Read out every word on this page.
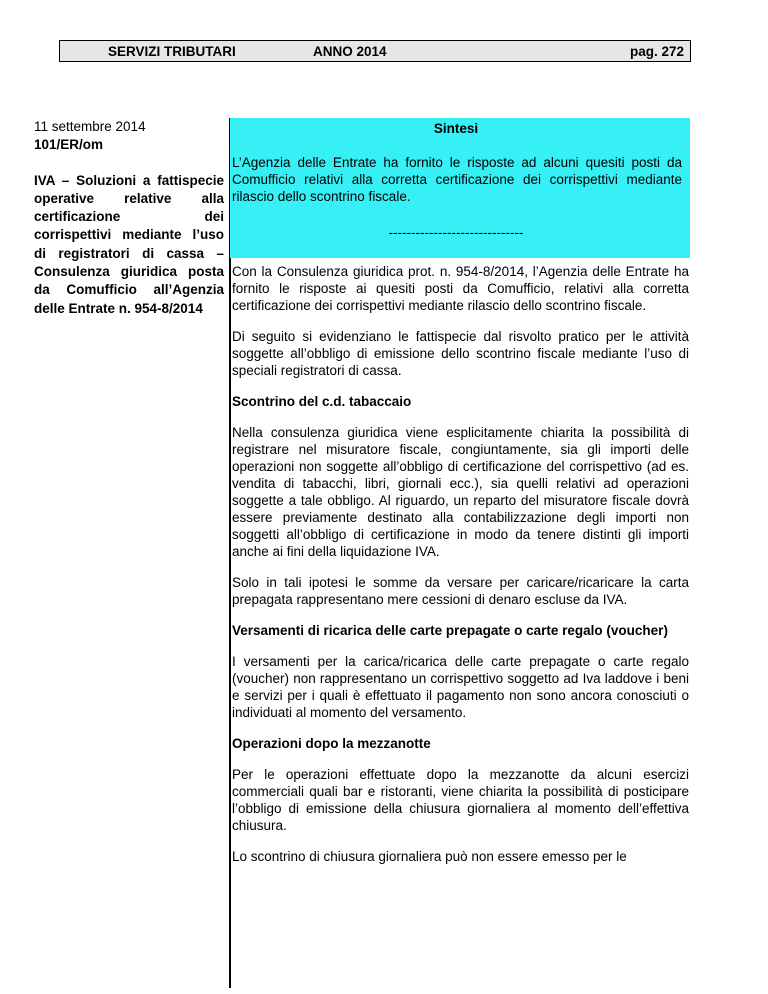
SERVIZI TRIBUTARI	ANNO 2014	pag. 272
11 settembre 2014
101/ER/om
IVA – Soluzioni a fattispecie operative relative alla certificazione dei corrispettivi mediante l’uso di registratori di cassa – Consulenza giuridica posta da Comufficio all’Agenzia delle Entrate n. 954-8/2014
Sintesi
L’Agenzia delle Entrate ha fornito le risposte ad alcuni quesiti posti da Comufficio relativi alla corretta certificazione dei corrispettivi mediante rilascio dello scontrino fiscale.
------------------------------

Con la Consulenza giuridica prot. n. 954-8/2014, l’Agenzia delle Entrate ha fornito le risposte ai quesiti posti da Comufficio, relativi alla corretta certificazione dei corrispettivi mediante rilascio dello scontrino fiscale.

Di seguito si evidenziano le fattispecie dal risvolto pratico per le attività soggette all’obbligo di emissione dello scontrino fiscale mediante l’uso di speciali registratori di cassa.

Scontrino del c.d. tabaccaio

Nella consulenza giuridica viene esplicitamente chiarita la possibilità di registrare nel misuratore fiscale, congiuntamente, sia gli importi delle operazioni non soggette all’obbligo di certificazione del corrispettivo (ad es. vendita di tabacchi, libri, giornali ecc.), sia quelli relativi ad operazioni soggette a tale obbligo. Al riguardo, un reparto del misuratore fiscale dovrà essere previamente destinato alla contabilizzazione degli importi non soggetti all’obbligo di certificazione in modo da tenere distinti gli importi anche ai fini della liquidazione IVA.

Solo in tali ipotesi le somme da versare per caricare/ricaricare la carta prepagata rappresentano mere cessioni di denaro escluse da IVA.

Versamenti di ricarica delle carte prepagate o carte regalo (voucher)

I versamenti per la carica/ricarica delle carte prepagate o carte regalo (voucher) non rappresentano un corrispettivo soggetto ad Iva laddove i beni e servizi per i quali è effettuato il pagamento non sono ancora conosciuti o individuati al momento del versamento.

Operazioni dopo la mezzanotte

Per le operazioni effettuate dopo la mezzanotte da alcuni esercizi commerciali quali bar e ristoranti, viene chiarita la possibilità di posticipare l’obbligo di emissione della chiusura giornaliera al momento dell’effettiva chiusura.

Lo scontrino di chiusura giornaliera può non essere emesso per le
